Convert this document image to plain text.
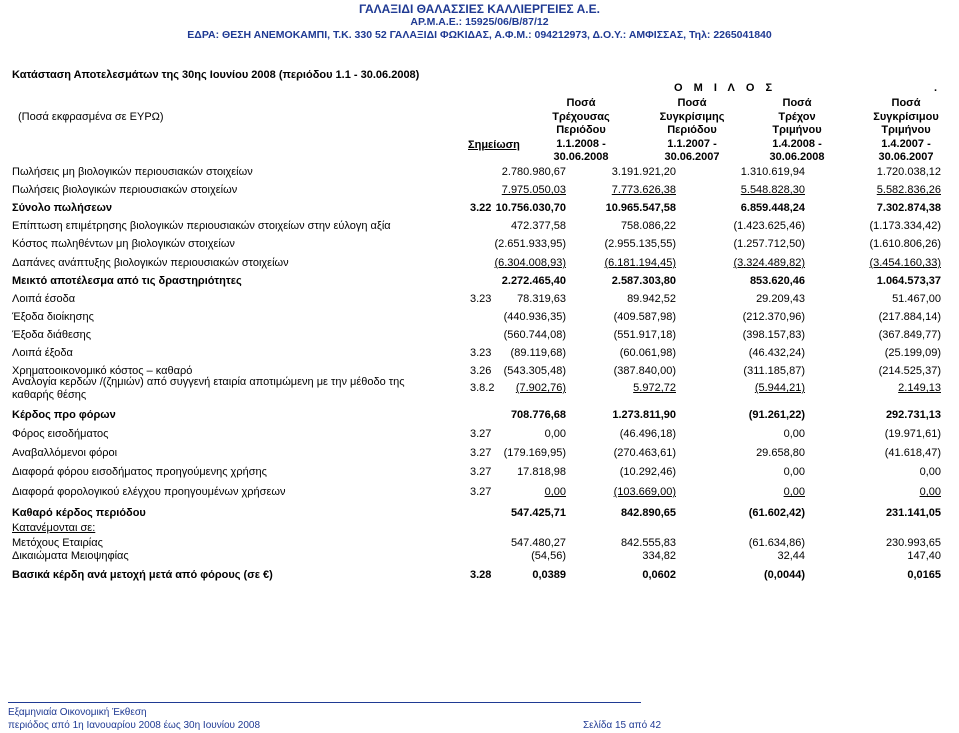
ΓΑΛΑΞΙΔΙ ΘΑΛΑΣΣΙΕΣ ΚΑΛΛΙΕΡΓΕΙΕΣ Α.Ε.
ΑΡ.Μ.Α.Ε.: 15925/06/Β/87/12
ΕΔΡΑ: ΘΕΣΗ ΑΝΕΜΟΚΑΜΠΙ, Τ.Κ. 330 52 ΓΑΛΑΞΙΔΙ ΦΩΚΙΔΑΣ, Α.Φ.Μ.: 094212973, Δ.Ο.Υ.: ΑΜΦΙΣΣΑΣ, Τηλ: 2265041840
Κατάσταση Αποτελεσμάτων της 30ης Ιουνίου 2008 (περιόδου 1.1 - 30.06.2008)
Ο Μ Ι Λ Ο Σ	.
(Ποσά εκφρασμένα σε ΕΥΡΩ)
Σημείωση
Ποσά
Τρέχουσας
Περιόδου
1.1.2008 -
30.06.2008
Ποσά
Συγκρίσιμης
Περιόδου
1.1.2007 -
30.06.2007
Ποσά
Τρέχον
Τριμήνου
1.4.2008 -
30.06.2008
Ποσά
Συγκρίσιμου
Τριμήνου
1.4.2007 -
30.06.2007
Πωλήσεις μη βιολογικών περιουσιακών στοιχείων	2.780.980,67	3.191.921,20	1.310.619,94	1.720.038,12
Πωλήσεις βιολογικών περιουσιακών στοιχείων	7.975.050,03	7.773.626,38	5.548.828,30	5.582.836,26
Σύνολο πωλήσεων	3.22 10.756.030,70	10.965.547,58	6.859.448,24	7.302.874,38
Επίπτωση επιμέτρησης βιολογικών περιουσιακών στοιχείων στην εύλογη αξία	472.377,58	758.086,22	(1.423.625,46)	(1.173.334,42)
Κόστος πωληθέντων μη βιολογικών στοιχείων	(2.651.933,95)	(2.955.135,55)	(1.257.712,50)	(1.610.806,26)
Δαπάνες ανάπτυξης βιολογικών περιουσιακών στοιχείων	(6.304.008,93)	(6.181.194,45)	(3.324.489,82)	(3.454.160,33)
Μεικτό αποτέλεσμα από τις δραστηριότητες	2.272.465,40	2.587.303,80	853.620,46	1.064.573,37
Λοιπά έσοδα	3.23 78.319,63	89.942,52	29.209,43	51.467,00
Έξοδα διοίκησης	(440.936,35)	(409.587,98)	(212.370,96)	(217.884,14)
Έξοδα διάθεσης	(560.744,08)	(551.917,18)	(398.157,83)	(367.849,77)
Λοιπά έξοδα	3.23 (89.119,68)	(60.061,98)	(46.432,24)	(25.199,09)
Χρηματοοικονομικό κόστος – καθαρό	3.26 (543.305,48)	(387.840,00)	(311.185,87)	(214.525,37)
Αναλογία κερδών /(ζημιών) από συγγενή εταιρία αποτιμώμενη με την μέθοδο της καθαρής θέσης
3.8.2 (7.902,76)	5.972,72	(5.944,21)	2.149,13
Κέρδος προ φόρων	708.776,68	1.273.811,90	(91.261,22)	292.731,13
Φόρος εισοδήματος	3.27	0,00	(46.496,18)	0,00	(19.971,61)
Αναβαλλόμενοι φόροι	3.27 (179.169,95)	(270.463,61)	29.658,80	(41.618,47)
Διαφορά φόρου εισοδήματος προηγούμενης χρήσης	3.27 17.818,98	(10.292,46)	0,00	0,00
Διαφορά φορολογικού ελέγχου προηγουμένων χρήσεων	3.27	0,00	(103.669,00)	0,00	0,00
Καθαρό κέρδος περιόδου	547.425,71	842.890,65	(61.602,42)	231.141,05
Κατανέμονται σε:
Μετόχους Εταιρίας	547.480,27	842.555,83	(61.634,86)	230.993,65
Δικαιώματα Μειοψηφίας	(54,56)	334,82	32,44	147,40
Βασικά κέρδη ανά μετοχή μετά από φόρους (σε €)	3.28	0,0389	0,0602	(0,0044)	0,0165
Εξαμηνιαία Οικονομική Έκθεση
περιόδος από 1η Ιανουαρίου 2008 έως 30η Ιουνίου 2008	Σελίδα 15 από 42
